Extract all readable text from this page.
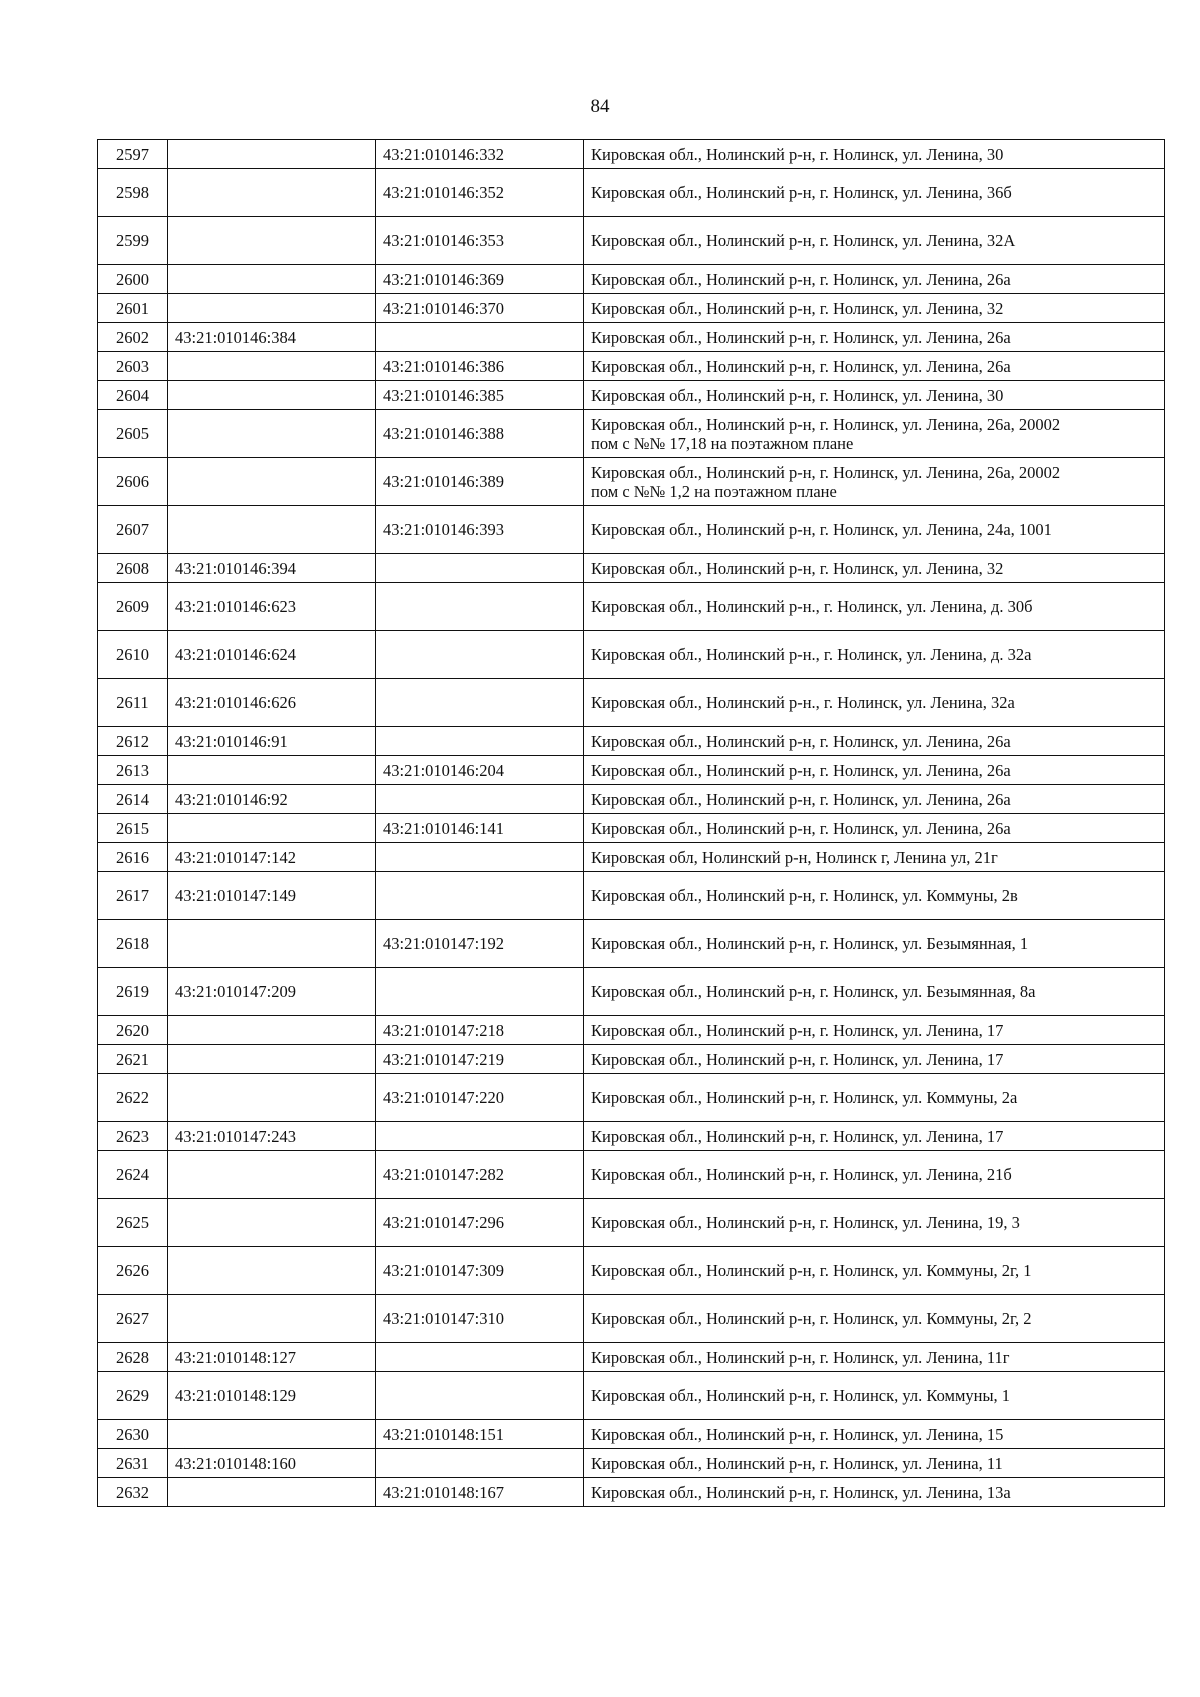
84
2597		43:21:010146:332	Кировская обл., Нолинский р-н, г. Нолинск, ул. Ленина, 30

2598		43:21:010146:352	Кировская обл., Нолинский р-н, г. Нолинск, ул. Ленина, 36б

2599		43:21:010146:353	Кировская обл., Нолинский р-н, г. Нолинск, ул. Ленина, 32А

2600		43:21:010146:369	Кировская обл., Нолинский р-н, г. Нолинск, ул. Ленина, 26а

2601		43:21:010146:370	Кировская обл., Нолинский р-н, г. Нолинск, ул. Ленина, 32

2602	43:21:010146:384		Кировская обл., Нолинский р-н, г. Нолинск, ул. Ленина, 26а

2603		43:21:010146:386	Кировская обл., Нолинский р-н, г. Нолинск, ул. Ленина, 26а

2604		43:21:010146:385	Кировская обл., Нолинский р-н, г. Нолинск, ул. Ленина, 30

2605		43:21:010146:388	Кировская обл., Нолинский р-н, г. Нолинск, ул. Ленина, 26а, 20002
пом с №№ 17,18 на поэтажном плане

2606		43:21:010146:389	Кировская обл., Нолинский р-н, г. Нолинск, ул. Ленина, 26а, 20002
пом с №№ 1,2 на поэтажном плане

2607		43:21:010146:393	Кировская обл., Нолинский р-н, г. Нолинск, ул. Ленина, 24а, 1001

2608	43:21:010146:394		Кировская обл., Нолинский р-н, г. Нолинск, ул. Ленина, 32

2609	43:21:010146:623		Кировская обл., Нолинский р-н., г. Нолинск, ул. Ленина, д. 30б

2610	43:21:010146:624		Кировская обл., Нолинский р-н., г. Нолинск, ул. Ленина, д. 32а

2611	43:21:010146:626		Кировская обл., Нолинский р-н., г. Нолинск, ул. Ленина, 32а

2612	43:21:010146:91		Кировская обл., Нолинский р-н, г. Нолинск, ул. Ленина, 26а

2613		43:21:010146:204	Кировская обл., Нолинский р-н, г. Нолинск, ул. Ленина, 26а

2614	43:21:010146:92		Кировская обл., Нолинский р-н, г. Нолинск, ул. Ленина, 26а

2615		43:21:010146:141	Кировская обл., Нолинский р-н, г. Нолинск, ул. Ленина, 26а

2616	43:21:010147:142		Кировская обл, Нолинский р-н, Нолинск г, Ленина ул, 21г

2617	43:21:010147:149		Кировская обл., Нолинский р-н, г. Нолинск, ул. Коммуны, 2в

2618		43:21:010147:192	Кировская обл., Нолинский р-н, г. Нолинск, ул. Безымянная, 1

2619	43:21:010147:209		Кировская обл., Нолинский р-н, г. Нолинск, ул. Безымянная, 8а

2620		43:21:010147:218	Кировская обл., Нолинский р-н, г. Нолинск, ул. Ленина, 17

2621		43:21:010147:219	Кировская обл., Нолинский р-н, г. Нолинск, ул. Ленина, 17

2622		43:21:010147:220	Кировская обл., Нолинский р-н, г. Нолинск, ул. Коммуны, 2а

2623	43:21:010147:243		Кировская обл., Нолинский р-н, г. Нолинск, ул. Ленина, 17

2624		43:21:010147:282	Кировская обл., Нолинский р-н, г. Нолинск, ул. Ленина, 21б

2625		43:21:010147:296	Кировская обл., Нолинский р-н, г. Нолинск, ул. Ленина, 19, 3

2626		43:21:010147:309	Кировская обл., Нолинский р-н, г. Нолинск, ул. Коммуны, 2г, 1

2627		43:21:010147:310	Кировская обл., Нолинский р-н, г. Нолинск, ул. Коммуны, 2г, 2

2628	43:21:010148:127		Кировская обл., Нолинский р-н, г. Нолинск, ул. Ленина, 11г

2629	43:21:010148:129		Кировская обл., Нолинский р-н, г. Нолинск, ул. Коммуны, 1

2630		43:21:010148:151	Кировская обл., Нолинский р-н, г. Нолинск, ул. Ленина, 15

2631	43:21:010148:160		Кировская обл., Нолинский р-н, г. Нолинск, ул. Ленина, 11

2632		43:21:010148:167	Кировская обл., Нолинский р-н, г. Нолинск, ул. Ленина, 13а
